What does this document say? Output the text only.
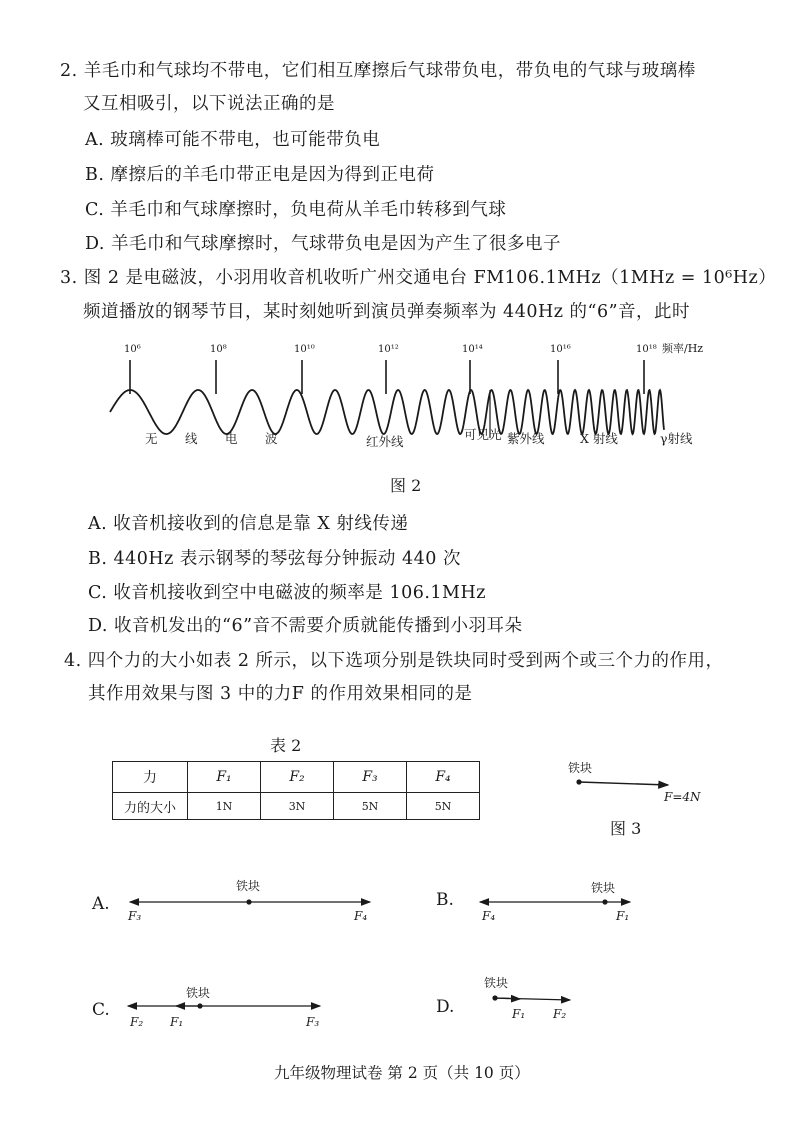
2. 羊毛巾和气球均不带电，它们相互摩擦后气球带负电，带负电的气球与玻璃棒
又互相吸引，以下说法正确的是
A. 玻璃棒可能不带电，也可能带负电
B. 摩擦后的羊毛巾带正电是因为得到正电荷
C. 羊毛巾和气球摩擦时，负电荷从羊毛巾转移到气球
D. 羊毛巾和气球摩擦时，气球带负电是因为产生了很多电子
3. 图 2 是电磁波，小羽用收音机收听广州交通电台 FM106.1MHz（1MHz = 10⁶Hz）
频道播放的钢琴节目，某时刻她听到演员弹奏频率为 440Hz 的“6”音，此时
10⁶	10⁸	10¹⁰	10¹²	10¹⁴	10¹⁶	10¹⁸ 频率/Hz
无 线 电 波	红外线	可见光 紫外线	X 射线	γ射线
图 2
A. 收音机接收到的信息是靠 X 射线传递
B. 440Hz 表示钢琴的琴弦每分钟振动 440 次
C. 收音机接收到空中电磁波的频率是 106.1MHz
D. 收音机发出的“6”音不需要介质就能传播到小羽耳朵
4. 四个力的大小如表 2 所示，以下选项分别是铁块同时受到两个或三个力的作用，
其作用效果与图 3 中的力F 的作用效果相同的是
表 2
力	F₁	F₂	F₃	F₄
力的大小	1N	3N	5N	5N
铁块
F=4N
图 3
A.
铁块
F₃	F₄
B.
铁块
F₄	F₁
C.
铁块
F₂ F₁	F₃
D.
铁块
F₁ F₂
九年级物理试卷 第 2 页（共 10 页）
